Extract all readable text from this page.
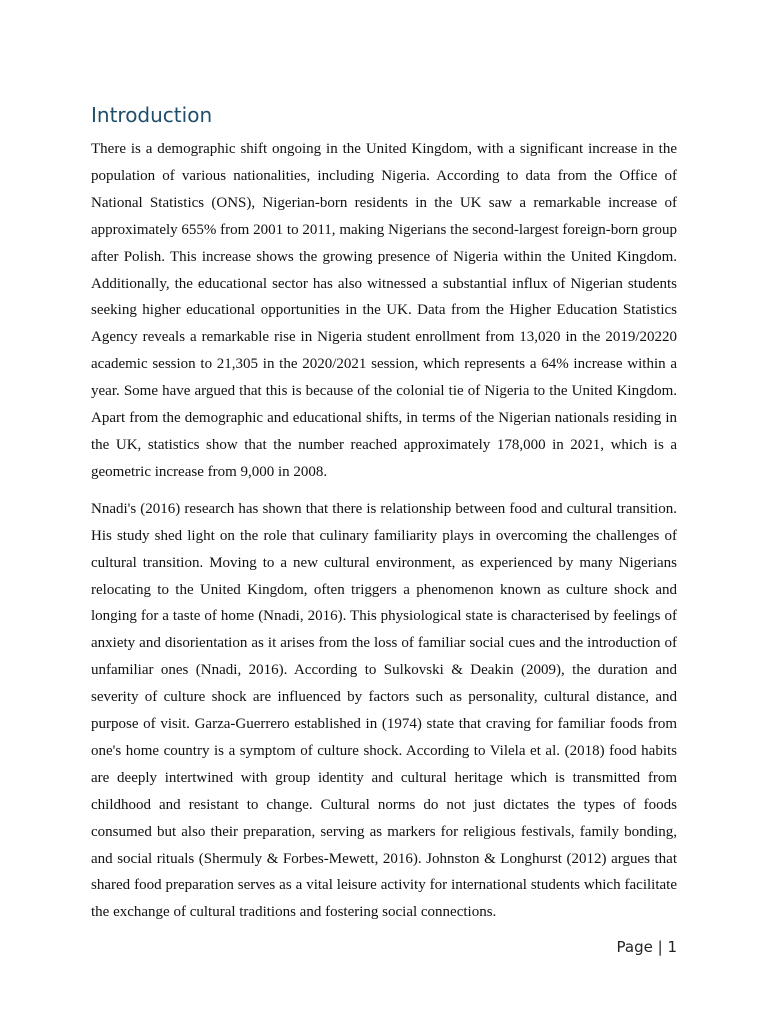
Introduction

There is a demographic shift ongoing in the United Kingdom, with a significant increase in the population of various nationalities, including Nigeria. According to data from the Office of National Statistics (ONS), Nigerian-born residents in the UK saw a remarkable increase of approximately 655% from 2001 to 2011, making Nigerians the second-largest foreign-born group after Polish. This increase shows the growing presence of Nigeria within the United Kingdom. Additionally, the educational sector has also witnessed a substantial influx of Nigerian students seeking higher educational opportunities in the UK. Data from the Higher Education Statistics Agency reveals a remarkable rise in Nigeria student enrollment from 13,020 in the 2019/20220 academic session to 21,305 in the 2020/2021 session, which represents a 64% increase within a year. Some have argued that this is because of the colonial tie of Nigeria to the United Kingdom. Apart from the demographic and educational shifts, in terms of the Nigerian nationals residing in the UK, statistics show that the number reached approximately 178,000 in 2021, which is a geometric increase from 9,000 in 2008.

Nnadi's (2016) research has shown that there is relationship between food and cultural transition. His study shed light on the role that culinary familiarity plays in overcoming the challenges of cultural transition. Moving to a new cultural environment, as experienced by many Nigerians relocating to the United Kingdom, often triggers a phenomenon known as culture shock and longing for a taste of home (Nnadi, 2016). This physiological state is characterised by feelings of anxiety and disorientation as it arises from the loss of familiar social cues and the introduction of unfamiliar ones (Nnadi, 2016). According to Sulkovski & Deakin (2009), the duration and severity of culture shock are influenced by factors such as personality, cultural distance, and purpose of visit. Garza-Guerrero established in (1974) state that craving for familiar foods from one's home country is a symptom of culture shock. According to Vilela et al. (2018) food habits are deeply intertwined with group identity and cultural heritage which is transmitted from childhood and resistant to change. Cultural norms do not just dictates the types of foods consumed but also their preparation, serving as markers for religious festivals, family bonding, and social rituals (Shermuly & Forbes-Mewett, 2016). Johnston & Longhurst (2012) argues that shared food preparation serves as a vital leisure activity for international students which facilitate the exchange of cultural traditions and fostering social connections.

Page | 1
